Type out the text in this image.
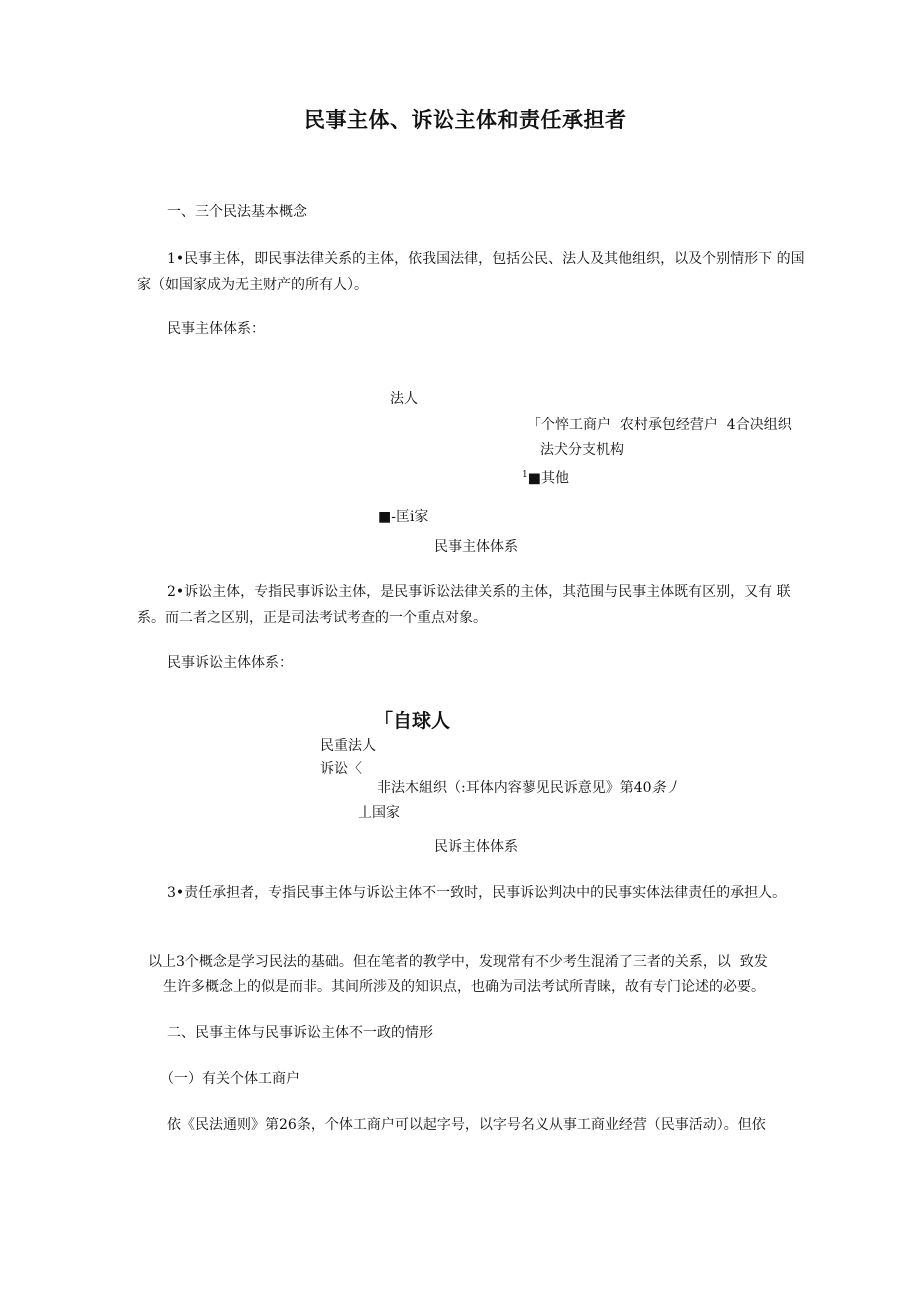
民事主体、诉讼主体和责任承担者
一、三个民法基本概念
1•民事主体，即民事法律关系的主体，依我国法律，包括公民、法人及其他组织，以及个别情形下 的国家（如国家成为无主财产的所有人）。
民事主体体系：
法人
「个悴工商户  农村承包经营户  4合决组织
法犬分支机构
$^1$■其他
■-匡i家
民事主体体系
2•诉讼主体，专指民事诉讼主体，是民事诉讼法律关系的主体，其范围与民事主体既有区别，又有 联系。而二者之区别，正是司法考试考查的一个重点对象。
民事诉讼主体体系：
「自球人
民重法人
诉讼〈
非法木組织（:耳体内容蓼见民诉意见》第40条丿
丄国家
民诉主体体系
3•责任承担者，专指民事主体与诉讼主体不一致时，民事诉讼判决中的民事实体法律责任的承担人。
以上3个概念是学习民法的基础。但在笔者的教学中，发现常有不少考生混淆了三者的关系，以  致发
生许多概念上的似是而非。其间所涉及的知识点，也确为司法考试所青睐，故有专门论述的必要。
二、民事主体与民事诉讼主体不一政的情形
（一）有关个体工商户
依《民法通则》第26条，个体工商户可以起字号，以字号名义从事工商业经营（民事活动）。但依
